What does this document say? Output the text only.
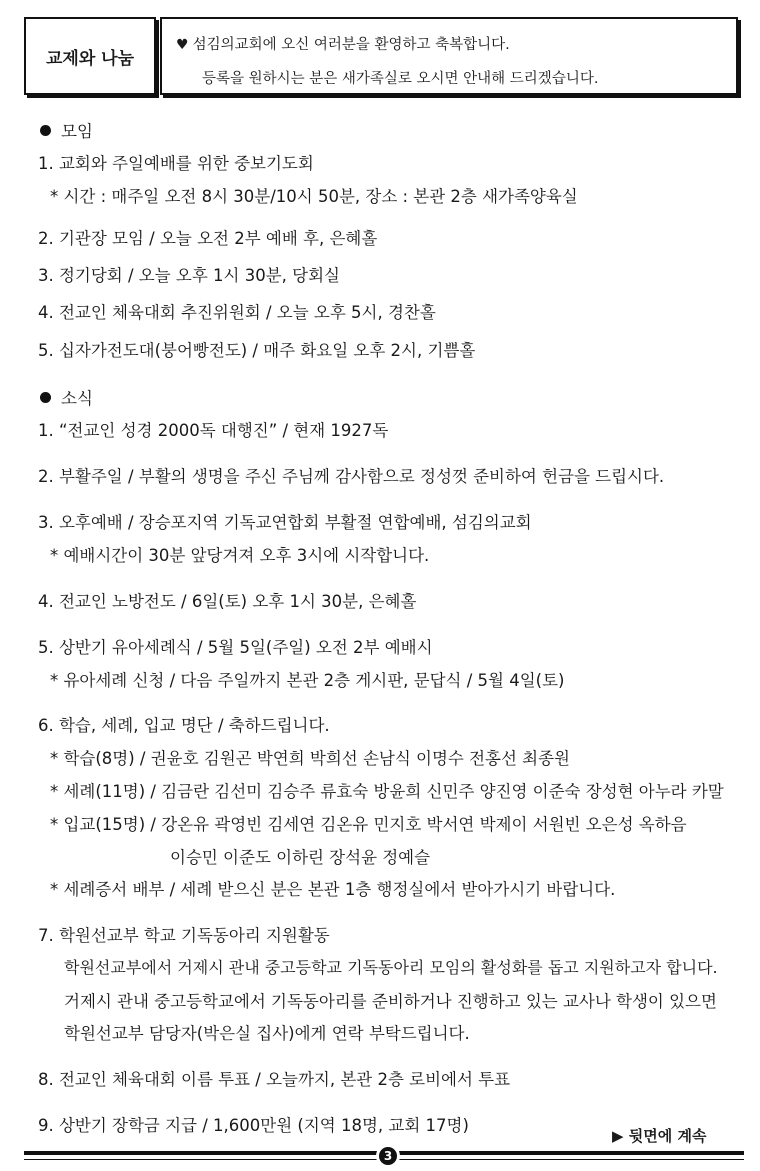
교제와 나눔
♥ 섬김의교회에 오신 여러분을 환영하고 축복합니다.
등록을 원하시는 분은 새가족실로 오시면 안내해 드리겠습니다.
모임
1. 교회와 주일예배를 위한 중보기도회
* 시간 : 매주일 오전 8시 30분/10시 50분, 장소 : 본관 2층 새가족양육실
2. 기관장 모임 / 오늘 오전 2부 예배 후, 은혜홀
3. 정기당회 / 오늘 오후 1시 30분, 당회실
4. 전교인 체육대회 추진위원회 / 오늘 오후 5시, 경찬홀
5. 십자가전도대(붕어빵전도) / 매주 화요일 오후 2시, 기쁨홀
소식
1. “전교인 성경 2000독 대행진” / 현재 1927독
2. 부활주일 / 부활의 생명을 주신 주님께 감사함으로 정성껏 준비하여 헌금을 드립시다.
3. 오후예배 / 장승포지역 기독교연합회 부활절 연합예배, 섬김의교회
* 예배시간이 30분 앞당겨져 오후 3시에 시작합니다.
4. 전교인 노방전도 / 6일(토) 오후 1시 30분, 은혜홀
5. 상반기 유아세례식 / 5월 5일(주일) 오전 2부 예배시
* 유아세례 신청 / 다음 주일까지 본관 2층 게시판, 문답식 / 5월 4일(토)
6. 학습, 세례, 입교 명단 / 축하드립니다.
* 학습(8명) / 권윤호 김원곤 박연희 박희선 손남식 이명수 전홍선 최종원
* 세례(11명) / 김금란 김선미 김승주 류효숙 방윤희 신민주 양진영 이준숙 장성현 아누라 카말
* 입교(15명) / 강온유 곽영빈 김세연 김온유 민지호 박서연 박제이 서원빈 오은성 옥하음
이승민 이준도 이하린 장석윤 정예슬
* 세례증서 배부 / 세례 받으신 분은 본관 1층 행정실에서 받아가시기 바랍니다.
7. 학원선교부 학교 기독동아리 지원활동
학원선교부에서 거제시 관내 중고등학교 기독동아리 모임의 활성화를 돕고 지원하고자 합니다.
거제시 관내 중고등학교에서 기독동아리를 준비하거나 진행하고 있는 교사나 학생이 있으면
학원선교부 담당자(박은실 집사)에게 연락 부탁드립니다.
8. 전교인 체육대회 이름 투표 / 오늘까지, 본관 2층 로비에서 투표
9. 상반기 장학금 지급 / 1,600만원 (지역 18명, 교회 17명)
▶ 뒷면에 계속
3
